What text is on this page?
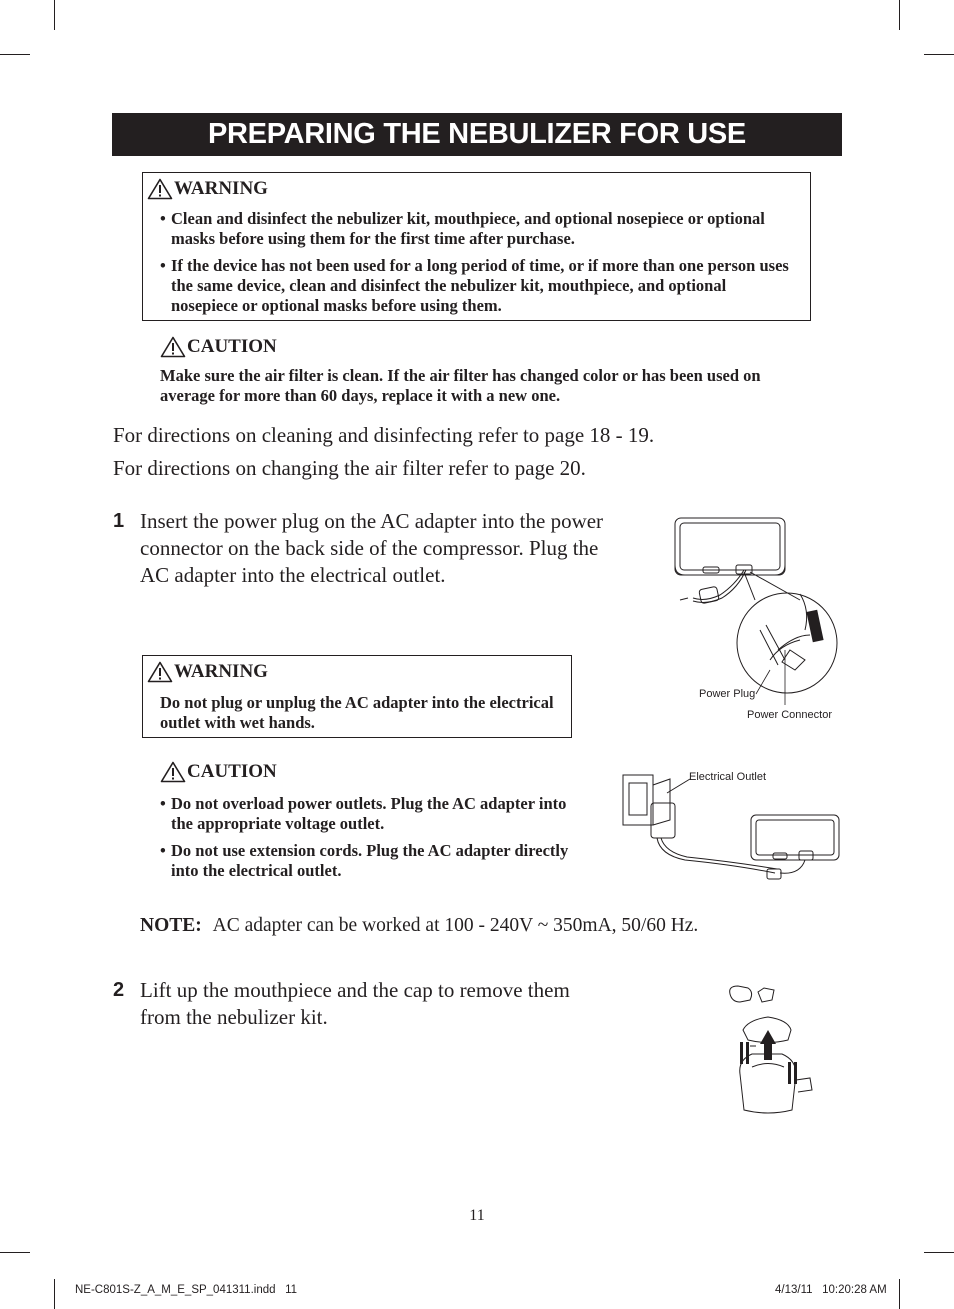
PREPARING THE NEBULIZER FOR USE
WARNING
• Clean and disinfect the nebulizer kit, mouthpiece, and optional nosepiece or optional masks before using them for the first time after purchase.
• If the device has not been used for a long period of time, or if more than one person uses the same device, clean and disinfect the nebulizer kit, mouthpiece, and optional nosepiece or optional masks before using them.
CAUTION
Make sure the air filter is clean. If the air filter has changed color or has been used on average for more than 60 days, replace it with a new one.
For directions on cleaning and disinfecting refer to page 18 - 19.
For directions on changing the air filter refer to page 20.
1 Insert the power plug on the AC adapter into the power connector on the back side of the compressor. Plug the AC adapter into the electrical outlet.
WARNING
Do not plug or unplug the AC adapter into the electrical outlet with wet hands.
CAUTION
• Do not overload power outlets. Plug the AC adapter into the appropriate voltage outlet.
• Do not use extension cords. Plug the AC adapter directly into the electrical outlet.
Power Plug
Power Connector
Electrical Outlet
NOTE: AC adapter can be worked at 100 - 240V ~ 350mA, 50/60 Hz.
2 Lift up the mouthpiece and the cap to remove them from the nebulizer kit.
11
NE-C801S-Z_A_M_E_SP_041311.indd   11	4/13/11   10:20:28 AM
